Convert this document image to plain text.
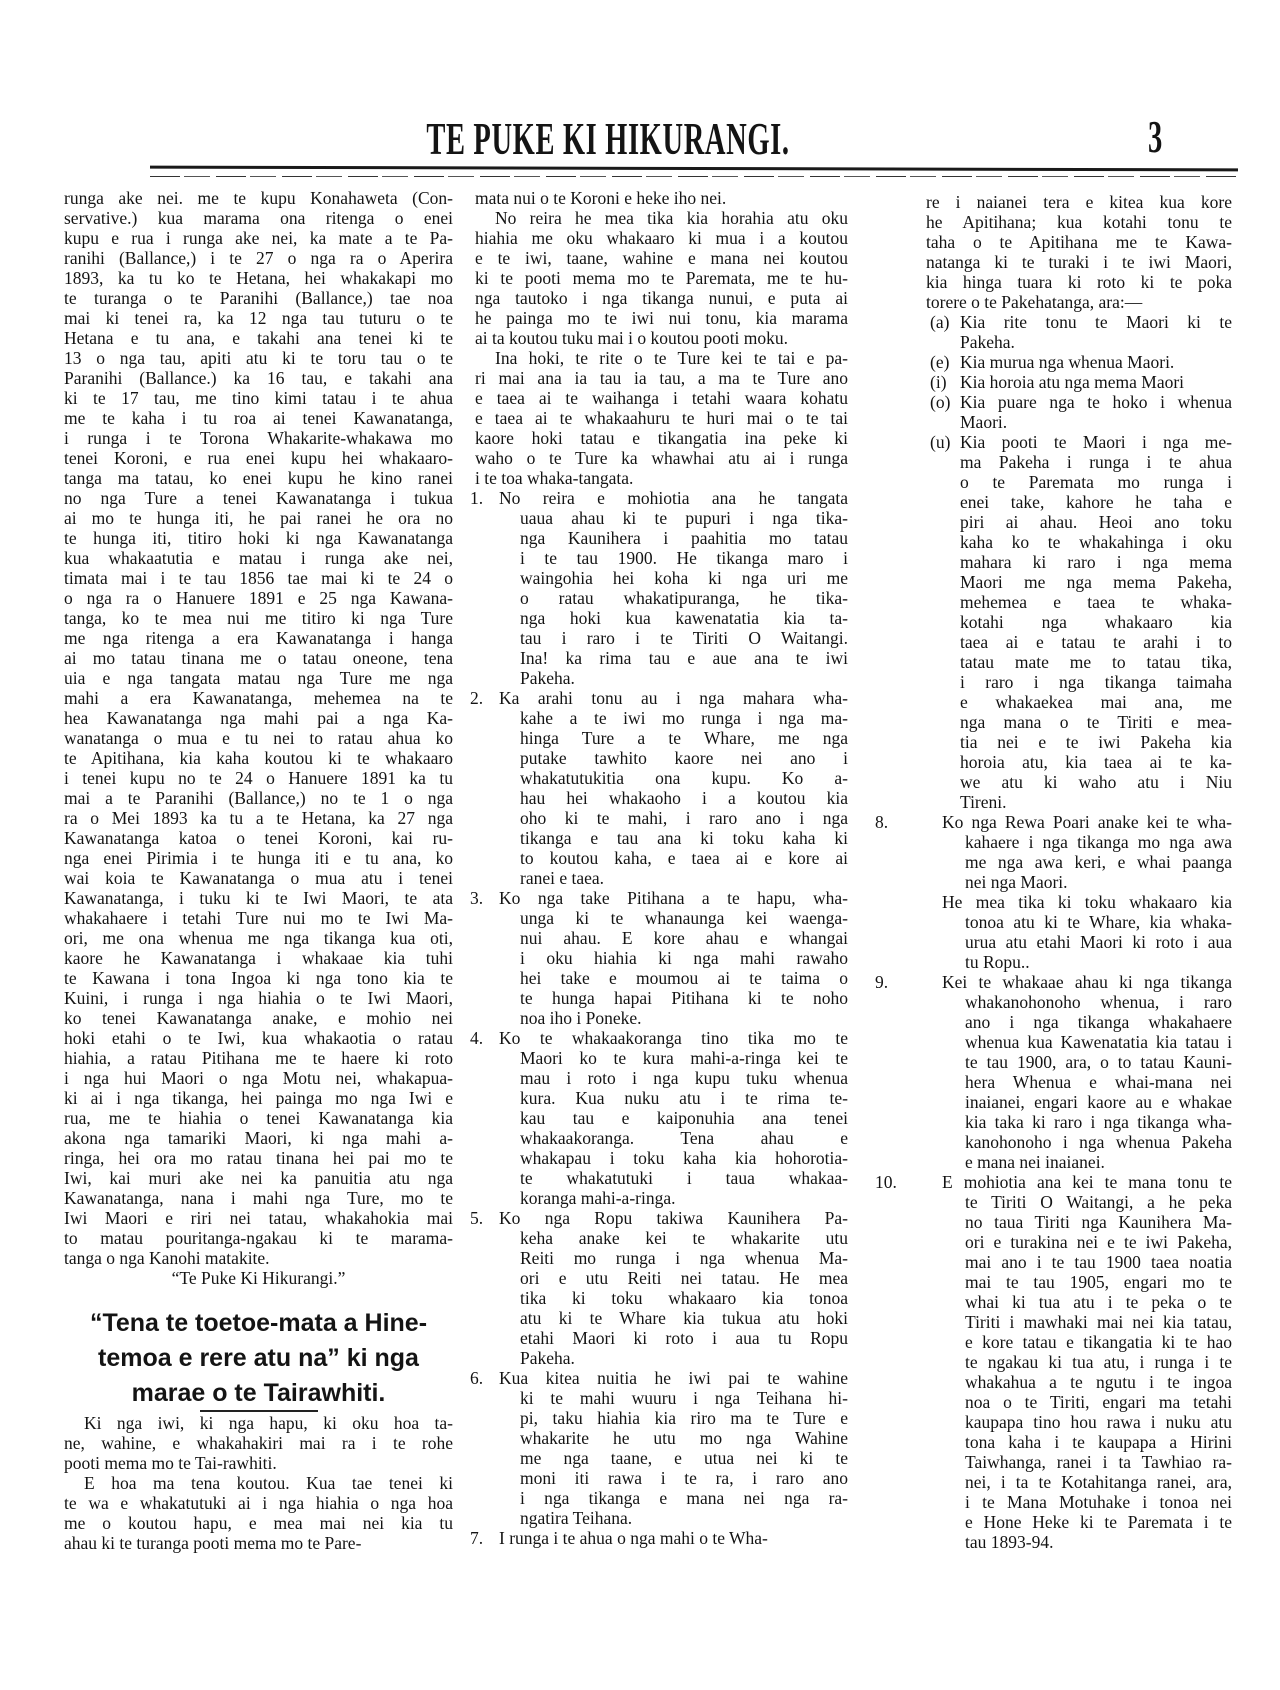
TE PUKE KI HIKURANGI.	3
runga ake nei. me te kupu Konahaweta (Con-
servative.) kua marama ona ritenga o enei
kupu e rua i runga ake nei, ka mate a te Pa-
ranihi (Ballance,) i te 27 o nga ra o Aperira
1893, ka tu ko te Hetana, hei whakakapi mo
te turanga o te Paranihi (Ballance,) tae noa
mai ki tenei ra, ka 12 nga tau tuturu o te
Hetana e tu ana, e takahi ana tenei ki te
13 o nga tau, apiti atu ki te toru tau o te
Paranihi (Ballance.) ka 16 tau, e takahi ana
ki te 17 tau, me tino kimi tatau i te ahua
me te kaha i tu roa ai tenei Kawanatanga,
i runga i te Torona Whakarite-whakawa mo
tenei Koroni, e rua enei kupu hei whakaaro-
tanga ma tatau, ko enei kupu he kino ranei
no nga Ture a tenei Kawanatanga i tukua
ai mo te hunga iti, he pai ranei he ora no
te hunga iti, titiro hoki ki nga Kawanatanga
kua whakaatutia e matau i runga ake nei,
timata mai i te tau 1856 tae mai ki te 24 o
o nga ra o Hanuere 1891 e 25 nga Kawana-
tanga, ko te mea nui me titiro ki nga Ture
me nga ritenga a era Kawanatanga i hanga
ai mo tatau tinana me o tatau oneone, tena
uia e nga tangata matau nga Ture me nga
mahi a era Kawanatanga, mehemea na te
hea Kawanatanga nga mahi pai a nga Ka-
wanatanga o mua e tu nei to ratau ahua ko
te Apitihana, kia kaha koutou ki te whakaaro
i tenei kupu no te 24 o Hanuere 1891 ka tu
mai a te Paranihi (Ballance,) no te 1 o nga
ra o Mei 1893 ka tu a te Hetana, ka 27 nga
Kawanatanga katoa o tenei Koroni, kai ru-
nga enei Pirimia i te hunga iti e tu ana, ko
wai koia te Kawanatanga o mua atu i tenei
Kawanatanga, i tuku ki te Iwi Maori, te ata
whakahaere i tetahi Ture nui mo te Iwi Ma-
ori, me ona whenua me nga tikanga kua oti,
kaore he Kawanatanga i whakaae kia tuhi
te Kawana i tona Ingoa ki nga tono kia te
Kuini, i runga i nga hiahia o te Iwi Maori,
ko tenei Kawanatanga anake, e mohio nei
hoki etahi o te Iwi, kua whakaotia o ratau
hiahia, a ratau Pitihana me te haere ki roto
i nga hui Maori o nga Motu nei, whakapua-
ki ai i nga tikanga, hei painga mo nga Iwi e
rua, me te hiahia o tenei Kawanatanga kia
akona nga tamariki Maori, ki nga mahi a-
ringa, hei ora mo ratau tinana hei pai mo te
Iwi, kai muri ake nei ka panuitia atu nga
Kawanatanga, nana i mahi nga Ture, mo te
Iwi Maori e riri nei tatau, whakahokia mai
to matau pouritanga-ngakau ki te marama-
tanga o nga Kanohi matakite.
“Te Puke Ki Hikurangi.”
“Tena te toetoe-mata a Hine-
temoa e rere atu na” ki nga
marae o te Tairawhiti.
Ki nga iwi, ki nga hapu, ki oku hoa ta-
ne, wahine, e whakahakiri mai ra i te rohe
pooti mema mo te Tai-rawhiti.
E hoa ma tena koutou. Kua tae tenei ki
te wa e whakatutuki ai i nga hiahia o nga hoa
me o koutou hapu, e mea mai nei kia tu
ahau ki te turanga pooti mema mo te Pare-
mata nui o te Koroni e heke iho nei.
No reira he mea tika kia horahia atu oku
hiahia me oku whakaaro ki mua i a koutou
e te iwi, taane, wahine e mana nei koutou
ki te pooti mema mo te Paremata, me te hu-
nga tautoko i nga tikanga nunui, e puta ai
he painga mo te iwi nui tonu, kia marama
ai ta koutou tuku mai i o koutou pooti moku.
Ina hoki, te rite o te Ture kei te tai e pa-
ri mai ana ia tau ia tau, a ma te Ture ano
e taea ai te waihanga i tetahi waara kohatu
e taea ai te whakaahuru te huri mai o te tai
kaore hoki tatau e tikangatia ina peke ki
waho o te Ture ka whawhai atu ai i runga
i te toa whaka-tangata.
1. No reira e mohiotia ana he tangata
uaua ahau ki te pupuri i nga tika-
nga Kaunihera i paahitia mo tatau
i te tau 1900. He tikanga maro i
waingohia hei koha ki nga uri me
o ratau whakatipuranga, he tika-
nga hoki kua kawenatatia kia ta-
tau i raro i te Tiriti O Waitangi.
Ina! ka rima tau e aue ana te iwi
Pakeha.
2. Ka arahi tonu au i nga mahara wha-
kahe a te iwi mo runga i nga ma-
hinga Ture a te Whare, me nga
putake tawhito kaore nei ano i
whakatutukitia ona kupu. Ko a-
hau hei whakaoho i a koutou kia
oho ki te mahi, i raro ano i nga
tikanga e tau ana ki toku kaha ki
to koutou kaha, e taea ai e kore ai
ranei e taea.
3. Ko nga take Pitihana a te hapu, wha-
unga ki te whanaunga kei waenga-
nui ahau. E kore ahau e whangai
i oku hiahia ki nga mahi rawaho
hei take e moumou ai te taima o
te hunga hapai Pitihana ki te noho
noa iho i Poneke.
4. Ko te whakaakoranga tino tika mo te
Maori ko te kura mahi-a-ringa kei te
mau i roto i nga kupu tuku whenua
kura. Kua nuku atu i te rima te-
kau tau e kaiponuhia ana tenei
whakaakoranga. Tena ahau e
whakapau i toku kaha kia hohorotia-
te whakatutuki i taua whakaa-
koranga mahi-a-ringa.
5. Ko nga Ropu takiwa Kaunihera Pa-
keha anake kei te whakarite utu
Reiti mo runga i nga whenua Ma-
ori e utu Reiti nei tatau. He mea
tika ki toku whakaaro kia tonoa
atu ki te Whare kia tukua atu hoki
etahi Maori ki roto i aua tu Ropu
Pakeha.
6. Kua kitea nuitia he iwi pai te wahine
ki te mahi wuuru i nga Teihana hi-
pi, taku hiahia kia riro ma te Ture e
whakarite he utu mo nga Wahine
me nga taane, e utua nei ki te
moni iti rawa i te ra, i raro ano
i nga tikanga e mana nei nga ra-
ngatira Teihana.
7. I runga i te ahua o nga mahi o te Wha-
re i naianei tera e kitea kua kore
he Apitihana; kua kotahi tonu te
taha o te Apitihana me te Kawa-
natanga ki te turaki i te iwi Maori,
kia hinga tuara ki roto ki te poka
torere o te Pakehatanga, ara:—
(a) Kia rite tonu te Maori ki te
Pakeha.
(e) Kia murua nga whenua Maori.
(i) Kia horoia atu nga mema Maori
(o) Kia puare nga te hoko i whenua
Maori.
(u) Kia pooti te Maori i nga me-
ma Pakeha i runga i te ahua
o te Paremata mo runga i
enei take, kahore he taha e
piri ai ahau. Heoi ano toku
kaha ko te whakahinga i oku
mahara ki raro i nga mema
Maori me nga mema Pakeha,
mehemea e taea te whaka-
kotahi nga whakaaro kia
taea ai e tatau te arahi i to
tatau mate me to tatau tika,
i raro i nga tikanga taimaha
e whakaekea mai ana, me
nga mana o te Tiriti e mea-
tia nei e te iwi Pakeha kia
horoia atu, kia taea ai te ka-
we atu ki waho atu i Niu
Tireni.
8.	Ko nga Rewa Poari anake kei te wha-
kahaere i nga tikanga mo nga awa
me nga awa keri, e whai paanga
nei nga Maori.
He mea tika ki toku whakaaro kia
tonoa atu ki te Whare, kia whaka-
urua atu etahi Maori ki roto i aua
tu Ropu..
9.	Kei te whakaae ahau ki nga tikanga
whakanohonoho whenua, i raro
ano i nga tikanga whakahaere
whenua kua Kawenatatia kia tatau i
te tau 1900, ara, o to tatau Kauni-
hera Whenua e whai-mana nei
inaianei, engari kaore au e whakae
kia taka ki raro i nga tikanga wha-
kanohonoho i nga whenua Pakeha
e mana nei inaianei.
10.	E mohiotia ana kei te mana tonu te
te Tiriti O Waitangi, a he peka
no taua Tiriti nga Kaunihera Ma-
ori e turakina nei e te iwi Pakeha,
mai ano i te tau 1900 taea noatia
mai te tau 1905, engari mo te
whai ki tua atu i te peka o te
Tiriti i mawhaki mai nei kia tatau,
e kore tatau e tikangatia ki te hao
te ngakau ki tua atu, i runga i te
whakahua a te ngutu i te ingoa
noa o te Tiriti, engari ma tetahi
kaupapa tino hou rawa i nuku atu
tona kaha i te kaupapa a Hirini
Taiwhanga, ranei i ta Tawhiao ra-
nei, i ta te Kotahitanga ranei, ara,
i te Mana Motuhake i tonoa nei
e Hone Heke ki te Paremata i te
tau 1893-94.
